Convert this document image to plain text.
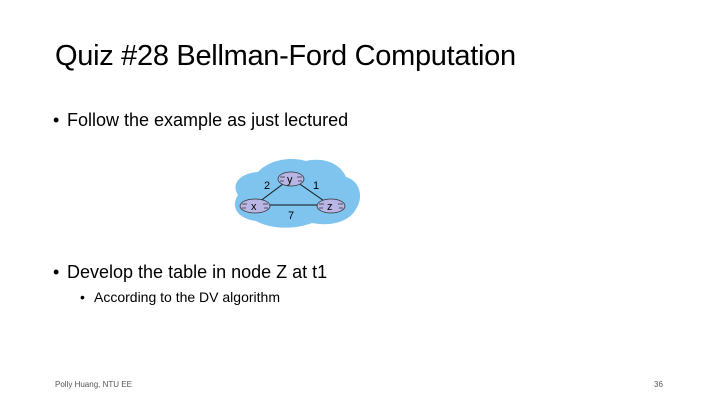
Quiz #28 Bellman-Ford Computation
• Follow the example as just lectured
2	1
7
y
x	z
• Develop the table in node Z at t1
• According to the DV algorithm
Polly Huang, NTU EE	36
